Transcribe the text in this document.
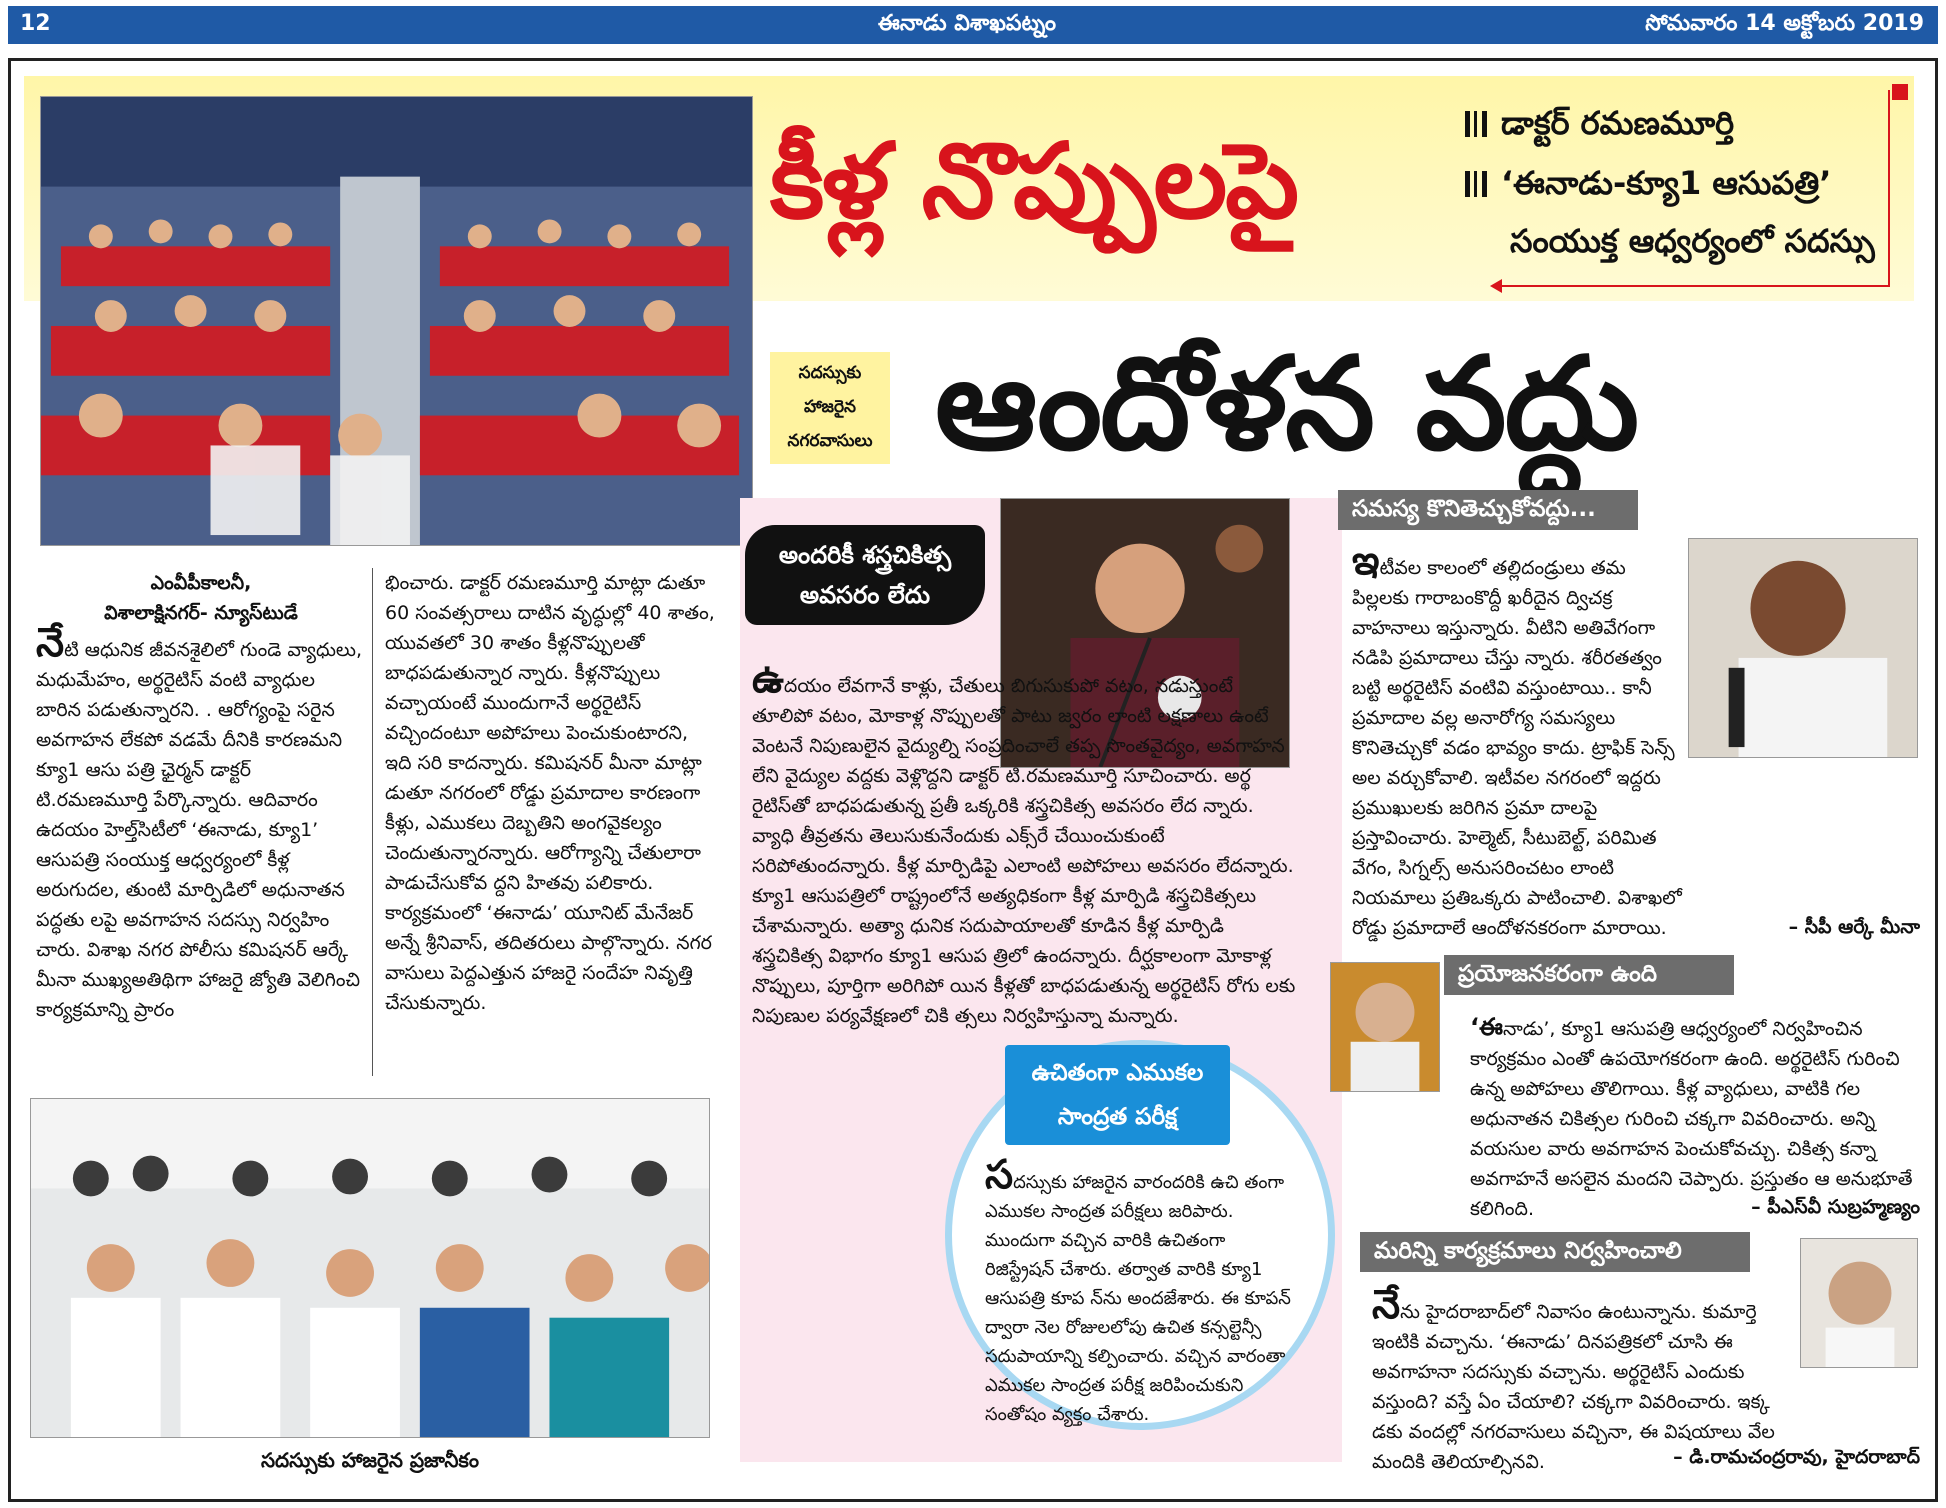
12	ఈనాడు విశాఖపట్నం	సోమవారం 14 అక్టోబరు 2019
కీళ్ల నొప్పులపై
ఆందోళన వద్దు
డాక్టర్‌ రమణమూర్తి
‘ఈనాడు-క్యూ1 ఆసుపత్రి’
సంయుక్త ఆధ్వర్యంలో సదస్సు
సదస్సుకు
హాజరైన
నగరవాసులు

ఎంవీపీకాలనీ,

విశాలాక్షినగర్‌- న్యూస్‌టుడే

నేటి ఆధునిక జీవనశైలిలో గుండె వ్యాధులు, మధుమేహం, అర్థరైటిస్‌ వంటి వ్యాధుల బారిన పడుతున్నారని. . ఆరోగ్యంపై సరైన అవగాహన లేకపో వడమే దీనికి కారణమని క్యూ1 ఆసు పత్రి ఛైర్మన్‌ డాక్టర్‌ టి.రమణమూర్తి పేర్కొన్నారు. ఆదివారం ఉదయం హెల్త్‌సిటీలో ‘ఈనాడు, క్యూ1’ ఆసుపత్రి సంయుక్త ఆధ్వర్యంలో కీళ్ల అరుగుదల, తుంటి మార్పిడిలో అధునాతన పద్ధతు లపై అవగాహన సదస్సు నిర్వహిం చారు. విశాఖ నగర పోలీసు కమిషనర్‌ ఆర్కే మీనా ముఖ్యఅతిథిగా హాజరై జ్యోతి వెలిగించి కార్యక్రమాన్ని ప్రారం

భించారు. డాక్టర్‌ రమణమూర్తి మాట్లా డుతూ 60 సంవత్సరాలు దాటిన వృద్ధుల్లో 40 శాతం, యువతలో 30 శాతం కీళ్లనొప్పులతో బాధపడుతున్నార న్నారు. కీళ్లనొప్పులు వచ్చాయంటే ముందుగానే అర్థరైటిస్‌ వచ్చిందంటూ అపోహలు పెంచుకుంటారని, ఇది సరి కాదన్నారు. కమిషనర్‌ మీనా మాట్లా డుతూ నగరంలో రోడ్డు ప్రమాదాల కారణంగా కీళ్లు, ఎముకలు దెబ్బతిని అంగవైకల్యం చెందుతున్నారన్నారు. ఆరోగ్యాన్ని చేతులారా పాడుచేసుకోవ ద్దని హితవు పలికారు. కార్యక్రమంలో ‘ఈనాడు’ యూనిట్‌ మేనేజర్‌ అన్నే శ్రీనివాస్‌, తదితరులు పాల్గొన్నారు. నగర వాసులు పెద్దఎత్తున హాజరై సందేహ నివృత్తి చేసుకున్నారు.

సదస్సుకు హాజరైన ప్రజానీకం
అందరికీ శస్త్రచికిత్స అవసరం లేదు

ఉదయం లేవగానే కాళ్లు, చేతులు బిగుసుకుపో వటం, నడుస్తుంటే తూలిపో వటం, మోకాళ్ల నొప్పులతో పాటు జ్వరం లాంటి లక్షణాలు ఉంటే వెంటనే నిపుణులైన వైద్యుల్ని సంప్రదించాలే తప్ప సొంతవైద్యం, అవగాహన లేని వైద్యుల వద్దకు వెళ్లొద్దని డాక్టర్‌ టి.రమణమూర్తి సూచించారు. అర్థ రైటిస్‌తో బాధపడుతున్న ప్రతీ ఒక్కరికి శస్త్రచికిత్స అవసరం లేద న్నారు. వ్యాధి తీవ్రతను తెలుసుకునేందుకు ఎక్స్‌రే చేయించుకుంటే సరిపోతుందన్నారు. కీళ్ల మార్పిడిపై ఎలాంటి అపోహలు అవసరం లేదన్నారు. క్యూ1 ఆసుపత్రిలో రాష్ట్రంలోనే అత్యధికంగా కీళ్ల మార్పిడి శస్త్రచికిత్సలు చేశామన్నారు. అత్యా ధునిక సదుపాయాలతో కూడిన కీళ్ల మార్పిడి శస్త్రచికిత్స విభాగం క్యూ1 ఆసుప త్రిలో ఉందన్నారు. దీర్ఘకాలంగా మోకాళ్ల నొప్పులు, పూర్తిగా అరిగిపో యిన కీళ్లతో బాధపడుతున్న అర్థరైటిస్‌ రోగు లకు నిపుణుల పర్యవేక్షణలో చికి త్సలు నిర్వహిస్తున్నా మన్నారు.

ఉచితంగా ఎముకల సాంద్రత పరీక్ష

సదస్సుకు హాజరైన వారందరికి ఉచి తంగా ఎముకల సాంద్రత పరీక్షలు జరిపారు. ముందుగా వచ్చిన వారికి ఉచితంగా రిజిస్ట్రేషన్‌ చేశారు. తర్వాత వారికి క్యూ1 ఆసుపత్రి కూప న్‌ను అందజేశారు. ఈ కూపన్‌ ద్వారా నెల రోజులలోపు ఉచిత కన్సల్టెన్సీ సదుపాయాన్ని కల్పించారు. వచ్చిన వారంతా ఎముకల సాంద్రత పరీక్ష జరిపించుకుని సంతోషం వ్యక్తం చేశారు.

సమస్య కొనితెచ్చుకోవద్దు...

ఇటీవల కాలంలో తల్లిదండ్రులు తమ పిల్లలకు గారాబంకొద్దీ ఖరీదైన ద్విచక్ర వాహనాలు ఇస్తున్నారు. వీటిని అతివేగంగా నడిపి ప్రమాదాలు చేస్తు న్నారు. శరీరతత్వం బట్టి అర్థరైటిస్‌ వంటివి వస్తుంటాయి.. కానీ ప్రమాదాల వల్ల అనారోగ్య సమస్యలు కొనితెచ్చుకో వడం భావ్యం కాదు. ట్రాఫిక్‌ సెన్స్‌ అల వర్చుకోవాలి. ఇటీవల నగరంలో ఇద్దరు ప్రముఖులకు జరిగిన ప్రమా దాలపై ప్రస్తావించారు. హెల్మెట్‌, సీటుబెల్ట్‌, పరిమిత వేగం, సిగ్నల్స్‌ అనుసరించటం లాంటి నియమాలు ప్రతిఒక్కరు పాటించాలి. విశాఖలో రోడ్డు ప్రమాదాలే ఆందోళనకరంగా మారాయి.	– సీపీ ఆర్కే మీనా

ప్రయోజనకరంగా ఉంది

‘ఈనాడు’, క్యూ1 ఆసుపత్రి ఆధ్వర్యంలో నిర్వహించిన కార్యక్రమం ఎంతో ఉపయోగకరంగా ఉంది. అర్థరైటిస్‌ గురించి ఉన్న అపోహలు తొలిగాయి. కీళ్ల వ్యాధులు, వాటికి గల అధునాతన చికిత్సల గురించి చక్కగా వివరించారు. అన్ని వయసుల వారు అవగాహన పెంచుకోవచ్చు. చికిత్స కన్నా అవగాహనే అసలైన మందని చెప్పారు. ప్రస్తుతం ఆ అనుభూతే కలిగింది.	– పీఎస్‌వీ సుబ్రహ్మణ్యం

మరిన్ని కార్యక్రమాలు నిర్వహించాలి

నేను హైదరాబాద్‌లో నివాసం ఉంటున్నాను. కుమార్తె ఇంటికి వచ్చాను. ‘ఈనాడు’ దినపత్రికలో చూసి ఈ అవగాహనా సదస్సుకు వచ్చాను. అర్థరైటిస్‌ ఎందుకు వస్తుంది? వస్తే ఏం చేయాలి? చక్కగా వివరించారు. ఇక్క డకు వందల్లో నగరవాసులు వచ్చినా, ఈ విషయాలు వేల మందికి తెలియాల్సినవి.	– డి.రామచంద్రరావు, హైదరాబాద్‌
